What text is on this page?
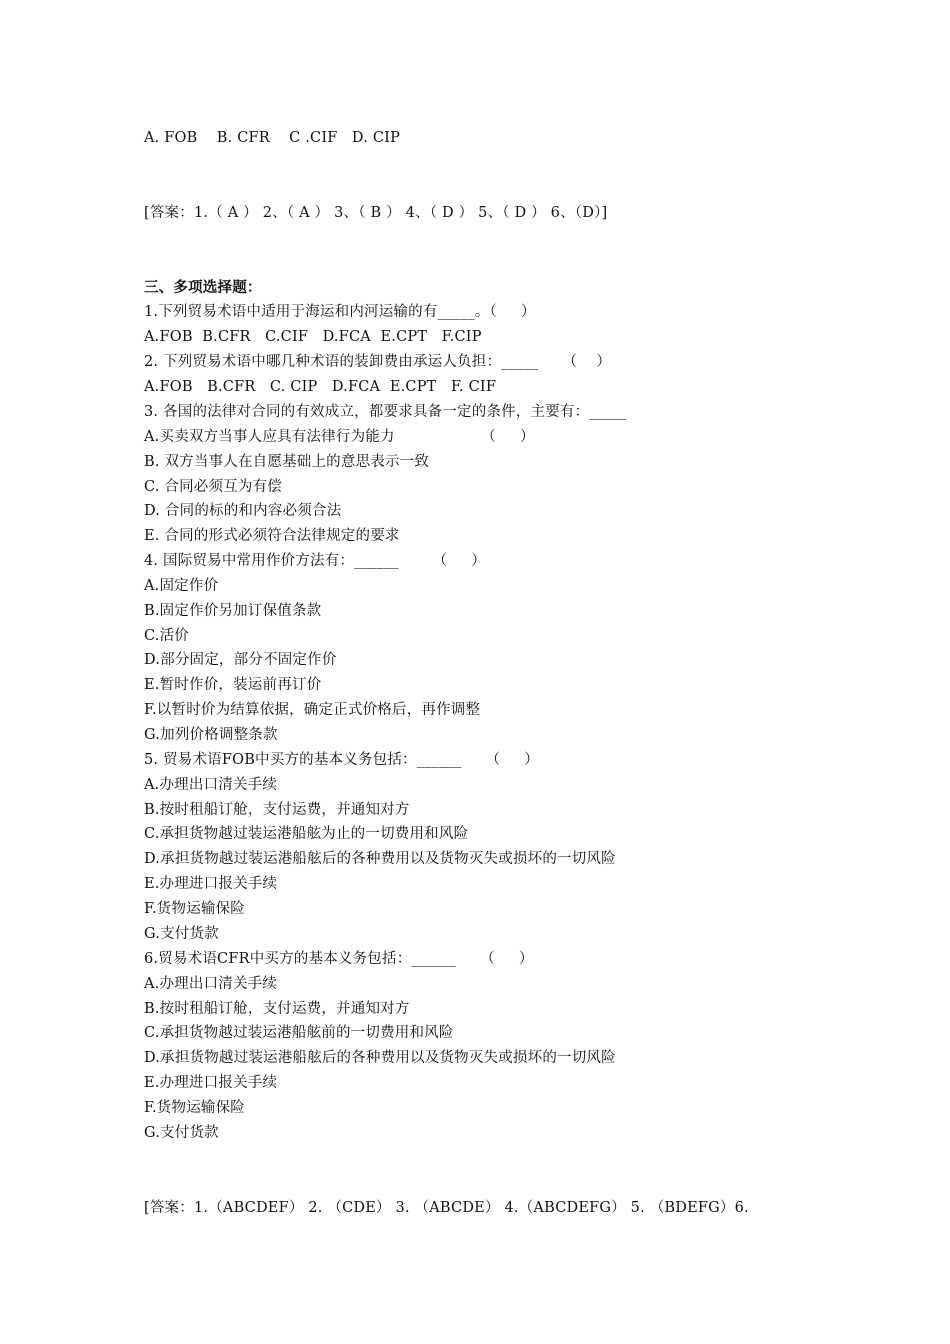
A. FOB    B. CFR    C .CIF   D. CIP
[答案：1.（ A ） 2、（ A ） 3、（ B ） 4、（ D ） 5、（ D ） 6、（D）]
三、多项选择题：
1.下列贸易术语中适用于海运和内河运输的有_____。（     ）
A.FOB  B.CFR   C.CIF   D.FCA  E.CPT   F.CIP
2. 下列贸易术语中哪几种术语的装卸费由承运人负担：_____     （    ）
A.FOB   B.CFR   C. CIP   D.FCA  E.CPT   F. CIF
3. 各国的法律对合同的有效成立，都要求具备一定的条件，主要有：_____
A.买卖双方当事人应具有法律行为能力                  （     ）
B. 双方当事人在自愿基础上的意思表示一致
C. 合同必须互为有偿
D. 合同的标的和内容必须合法
E. 合同的形式必须符合法律规定的要求
4. 国际贸易中常用作价方法有：______       （     ）
A.固定作价
B.固定作价另加订保值条款
C.活价
D.部分固定，部分不固定作价
E.暂时作价，装运前再订价
F.以暂时价为结算依据，确定正式价格后，再作调整
G.加列价格调整条款
5. 贸易术语FOB中买方的基本义务包括：______     （     ）
A.办理出口清关手续
B.按时租船订舱，支付运费，并通知对方
C.承担货物越过装运港船舷为止的一切费用和风险
D.承担货物越过装运港船舷后的各种费用以及货物灭失或损坏的一切风险
E.办理进口报关手续
F.货物运输保险
G.支付货款
6.贸易术语CFR中买方的基本义务包括：______     （     ）
A.办理出口清关手续
B.按时租船订舱，支付运费，并通知对方
C.承担货物越过装运港船舷前的一切费用和风险
D.承担货物越过装运港船舷后的各种费用以及货物灭失或损坏的一切风险
E.办理进口报关手续
F.货物运输保险
G.支付货款
[答案：1.（ABCDEF） 2. （CDE） 3. （ABCDE） 4.（ABCDEFG） 5. （BDEFG）6.
